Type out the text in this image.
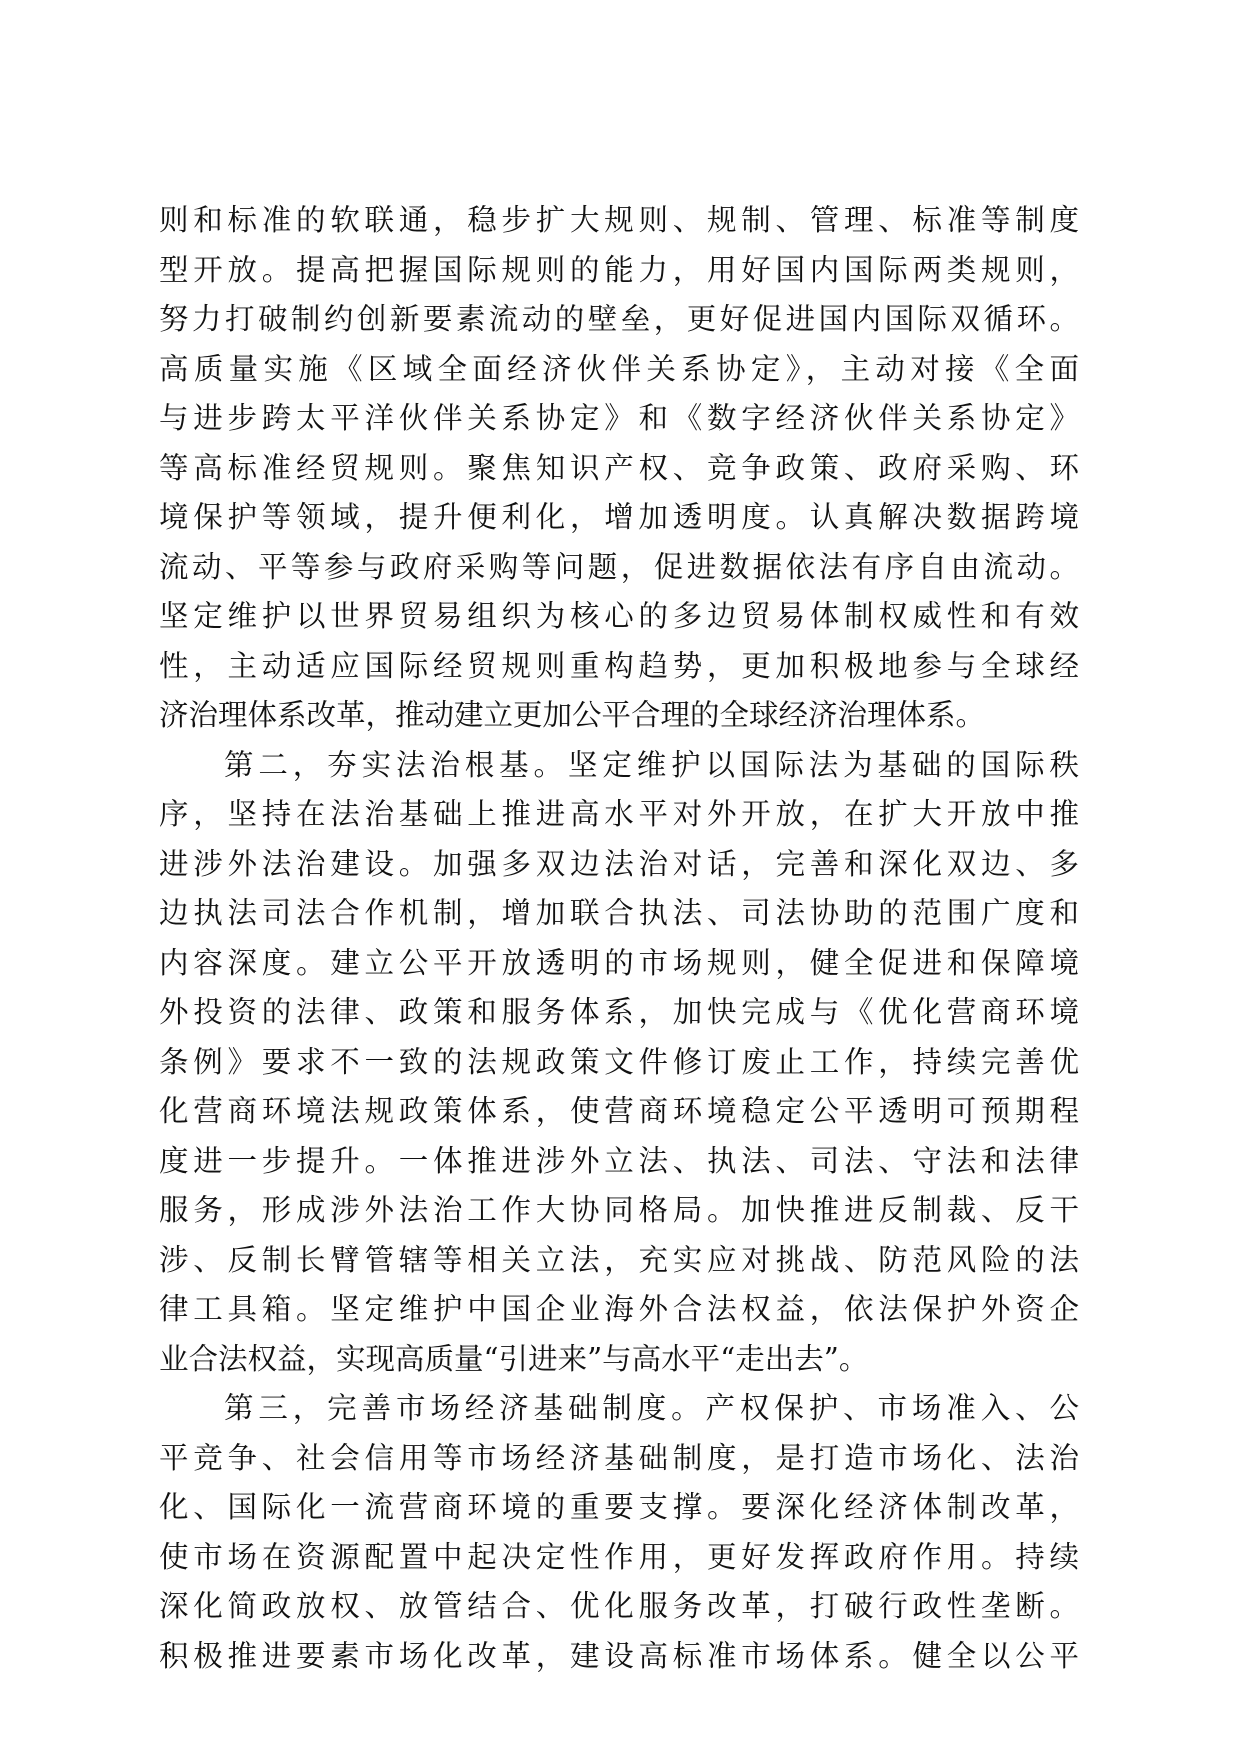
则和标准的软联通，稳步扩大规则、规制、管理、标准等制度
型开放。提高把握国际规则的能力，用好国内国际两类规则，
努力打破制约创新要素流动的壁垒，更好促进国内国际双循环。
高质量实施《区域全面经济伙伴关系协定》，主动对接《全面
与进步跨太平洋伙伴关系协定》和《数字经济伙伴关系协定》
等高标准经贸规则。聚焦知识产权、竞争政策、政府采购、环
境保护等领域，提升便利化，增加透明度。认真解决数据跨境
流动、平等参与政府采购等问题，促进数据依法有序自由流动。
坚定维护以世界贸易组织为核心的多边贸易体制权威性和有效
性，主动适应国际经贸规则重构趋势，更加积极地参与全球经
济治理体系改革，推动建立更加公平合理的全球经济治理体系。
第二，夯实法治根基。坚定维护以国际法为基础的国际秩
序，坚持在法治基础上推进高水平对外开放，在扩大开放中推
进涉外法治建设。加强多双边法治对话，完善和深化双边、多
边执法司法合作机制，增加联合执法、司法协助的范围广度和
内容深度。建立公平开放透明的市场规则，健全促进和保障境
外投资的法律、政策和服务体系，加快完成与《优化营商环境
条例》要求不一致的法规政策文件修订废止工作，持续完善优
化营商环境法规政策体系，使营商环境稳定公平透明可预期程
度进一步提升。一体推进涉外立法、执法、司法、守法和法律
服务，形成涉外法治工作大协同格局。加快推进反制裁、反干
涉、反制长臂管辖等相关立法，充实应对挑战、防范风险的法
律工具箱。坚定维护中国企业海外合法权益，依法保护外资企
业合法权益，实现高质量“引进来”与高水平“走出去”。
第三，完善市场经济基础制度。产权保护、市场准入、公
平竞争、社会信用等市场经济基础制度，是打造市场化、法治
化、国际化一流营商环境的重要支撑。要深化经济体制改革，
使市场在资源配置中起决定性作用，更好发挥政府作用。持续
深化简政放权、放管结合、优化服务改革，打破行政性垄断。
积极推进要素市场化改革，建设高标准市场体系。健全以公平
